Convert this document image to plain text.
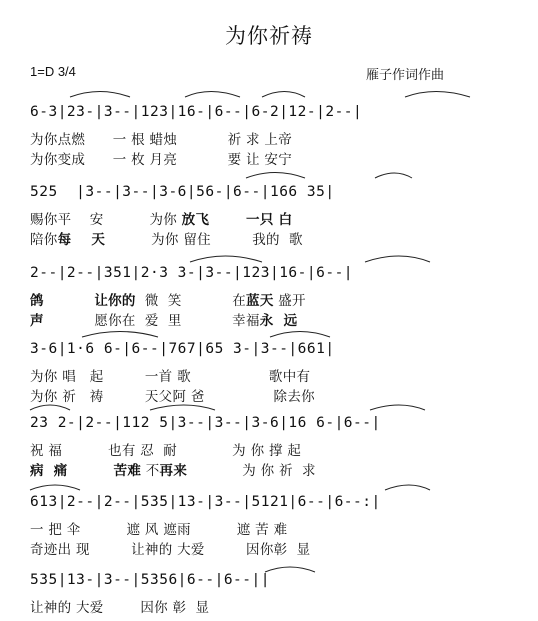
为你祈祷
1=D 3/4	雁子作词作曲
6-3|23-|3--|123|16-|6--|6-2|12-|2--|
为你点燃      一 根 蜡烛           祈 求 上帝
为你变成      一 枚 月亮           要 让 安宁
525  |3--|3--|3-6|56-|6--|166 35|
赐你平    安          为你 放飞	一只 白
陪你每    天          为你 留住         我的  歌
2--|2--|351|2·3 3-|3--|123|16-|6--|
鸽	让你的  微  笑           在蓝天 盛开
声           愿你在  爱  里           幸福永  远
3-6|1·6 6-|6--|767|65 3-|3--|661|
为你 唱   起         一首 歌                 歌中有
为你 祈   祷         天父阿 爸               除去你
23 2-|2--|112 5|3--|3--|3-6|16 6-|6--|
祝 福          也有 忍  耐            为 你 撑 起
病  痛	苦难 不再来            为 你 祈  求
613|2--|2--|535|13-|3--|5121|6--|6--:|
一 把 伞          遮 风 遮雨          遮 苦 难
奇迹出 现         让神的 大爱         因你彰  显
535|13-|3--|5356|6--|6--||
让神的 大爱        因你 彰  显
